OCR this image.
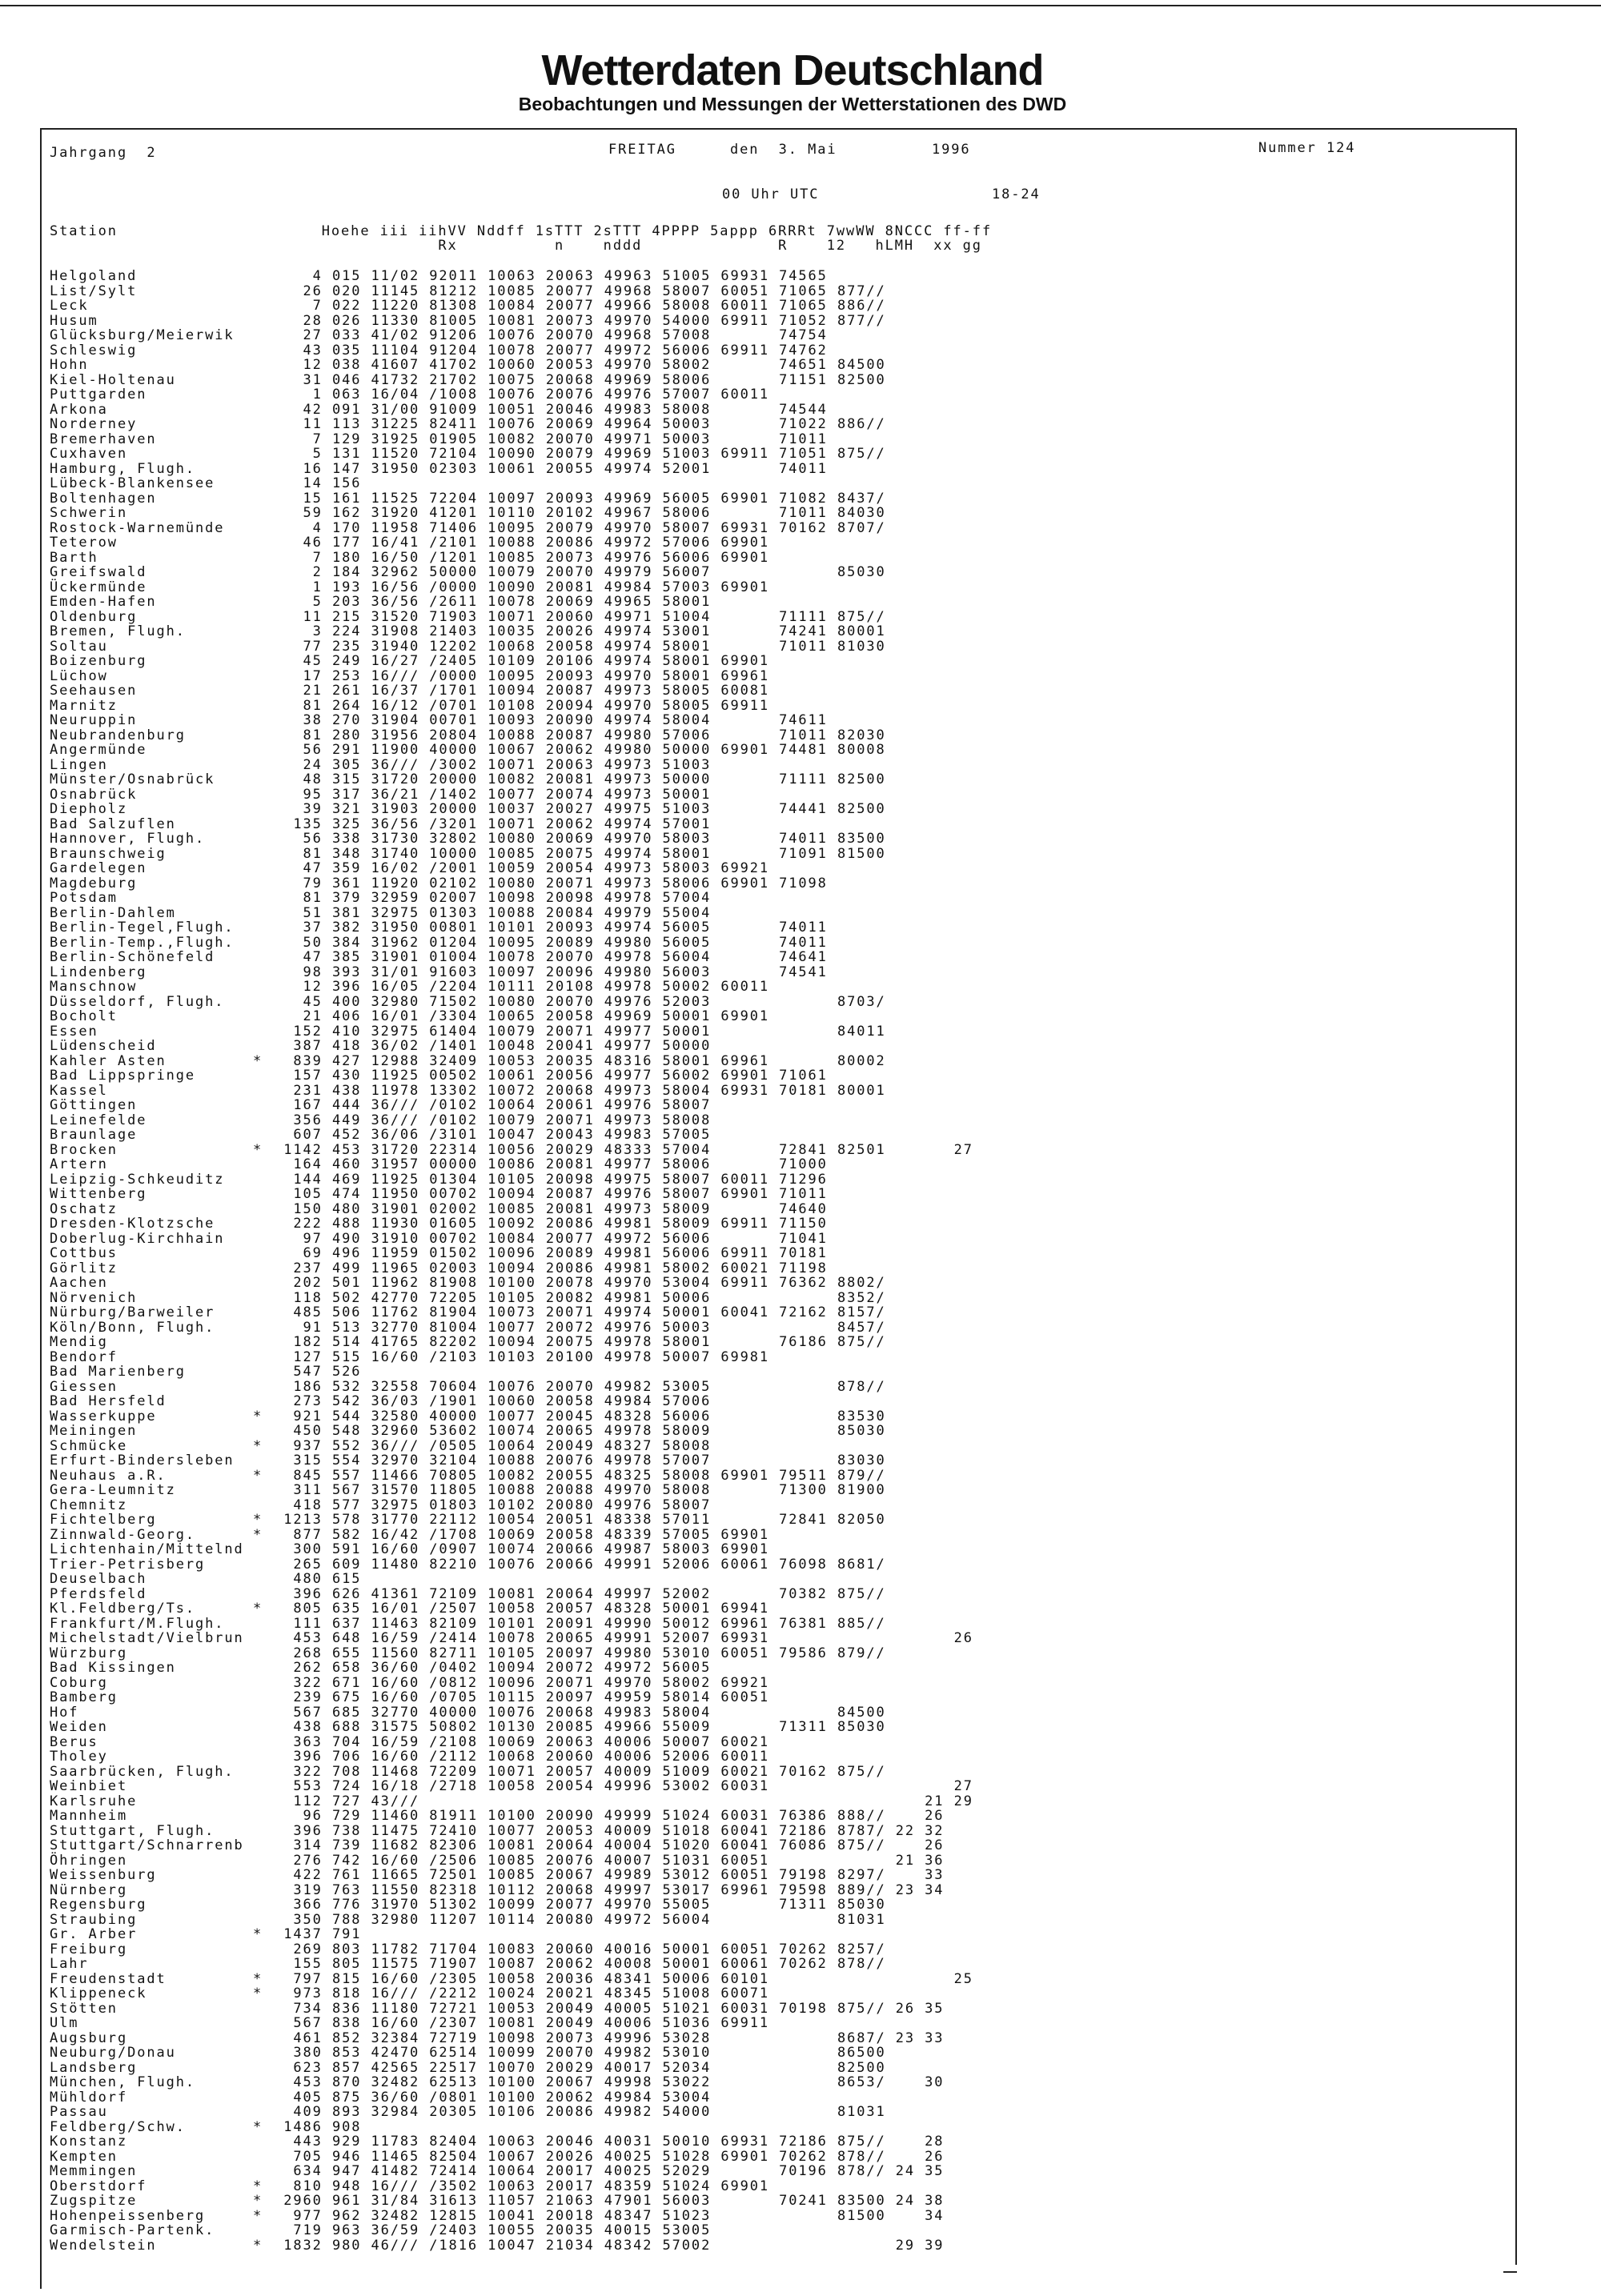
Wetterdaten Deutschland
Beobachtungen und Messungen der Wetterstationen des DWD
Jahrgang  2	FREITAG	den  3. Mai	1996	Nummer 124
00 Uhr UTC	18-24
Station                     Hoehe iii iihVV Nddff 1sTTT 2sTTT 4PPPP 5appp 6RRRt 7wwWW 8NCCC ff-ff
Rx          n    nddd              R    12   hLMH  xx gg
Helgoland	4 015 11/02 92011 10063 20063 49963 51005 69931 74565
List/Sylt	26 020 11145 81212 10085 20077 49968 58007 60051 71065 877//
Leck	7 022 11220 81308 10084 20077 49966 58008 60011 71065 886//
Husum	28 026 11330 81005 10081 20073 49970 54000 69911 71052 877//
Glücksburg/Meierwik 27 033 41/02 91206 10076 20070 49968 57008       74754
Schleswig	43 035 11104 91204 10078 20077 49972 56006 69911 74762
Hohn	12 038 41607 41702 10060 20053 49970 58002       74651 84500
Kiel-Holtenau	31 046 41732 21702 10075 20068 49969 58006       71151 82500
Puttgarden	1 063 16/04 /1008 10076 20076 49976 57007 60011
Arkona	42 091 31/00 91009 10051 20046 49983 58008       74544
Norderney	11 113 31225 82411 10076 20069 49964 50003       71022 886//
Bremerhaven	7 129 31925 01905 10082 20070 49971 50003       71011
Cuxhaven	5 131 11520 72104 10090 20079 49969 51003 69911 71051 875//
Hamburg, Flugh.	16 147 31950 02303 10061 20055 49974 52001       74011
Lübeck-Blankensee	14 156
Boltenhagen	15 161 11525 72204 10097 20093 49969 56005 69901 71082 8437/
Schwerin	59 162 31920 41201 10110 20102 49967 58006       71011 84030
Rostock-Warnemünde	4 170 11958 71406 10095 20079 49970 58007 69931 70162 8707/
Teterow	46 177 16/41 /2101 10088 20086 49972 57006 69901
Barth	7 180 16/50 /1201 10085 20073 49976 56006 69901
Greifswald	2 184 32962 50000 10079 20070 49979 56007             85030
Ückermünde	1 193 16/56 /0000 10090 20081 49984 57003 69901
Emden-Hafen	5 203 36/56 /2611 10078 20069 49965 58001
Oldenburg	11 215 31520 71903 10071 20060 49971 51004       71111 875//
Bremen, Flugh.	3 224 31908 21403 10035 20026 49974 53001       74241 80001
Soltau	77 235 31940 12202 10068 20058 49974 58001       71011 81030
Boizenburg	45 249 16/27 /2405 10109 20106 49974 58001 69901
Lüchow	17 253 16/// /0000 10095 20093 49970 58001 69961
Seehausen	21 261 16/37 /1701 10094 20087 49973 58005 60081
Marnitz	81 264 16/12 /0701 10108 20094 49970 58005 69911
Neuruppin	38 270 31904 00701 10093 20090 49974 58004       74611
Neubrandenburg	81 280 31956 20804 10088 20087 49980 57006       71011 82030
Angermünde	56 291 11900 40000 10067 20062 49980 50000 69901 74481 80008
Lingen	24 305 36/// /3002 10071 20063 49973 51003
Münster/Osnabrück	48 315 31720 20000 10082 20081 49973 50000       71111 82500
Osnabrück	95 317 36/21 /1402 10077 20074 49973 50001
Diepholz	39 321 31903 20000 10037 20027 49975 51003       74441 82500
Bad Salzuflen	135 325 36/56 /3201 10071 20062 49974 57001
Hannover, Flugh.	56 338 31730 32802 10080 20069 49970 58003       74011 83500
Braunschweig	81 348 31740 10000 10085 20075 49974 58001       71091 81500
Gardelegen	47 359 16/02 /2001 10059 20054 49973 58003 69921
Magdeburg	79 361 11920 02102 10080 20071 49973 58006 69901 71098
Potsdam	81 379 32959 02007 10098 20098 49978 57004
Berlin-Dahlem	51 381 32975 01303 10088 20084 49979 55004
Berlin-Tegel,Flugh. 37 382 31950 00801 10101 20093 49974 56005       74011
Berlin-Temp.,Flugh. 50 384 31962 01204 10095 20089 49980 56005       74011
Berlin-Schönefeld	47 385 31901 01004 10078 20070 49978 56004       74641
Lindenberg	98 393 31/01 91603 10097 20096 49980 56003       74541
Manschnow	12 396 16/05 /2204 10111 20108 49978 50002 60011
Düsseldorf, Flugh.	45 400 32980 71502 10080 20070 49976 52003             8703/
Bocholt	21 406 16/01 /3304 10065 20058 49969 50001 69901
Essen	152 410 32975 61404 10079 20071 49977 50001             84011
Lüdenscheid	387 418 36/02 /1401 10048 20041 49977 50000
Kahler Asten	* 839 427 12988 32409 10053 20035 48316 58001 69961       80002
Bad Lippspringe	157 430 11925 00502 10061 20056 49977 56002 69901 71061
Kassel	231 438 11978 13302 10072 20068 49973 58004 69931 70181 80001
Göttingen	167 444 36/// /0102 10064 20061 49976 58007
Leinefelde	356 449 36/// /0102 10079 20071 49973 58008
Braunlage	607 452 36/06 /3101 10047 20043 49983 57005
Brocken	* 1142 453 31720 22314 10056 20029 48333 57004       72841 82501       27
Artern	164 460 31957 00000 10086 20081 49977 58006       71000
Leipzig-Schkeuditz	144 469 11925 01304 10105 20098 49975 58007 60011 71296
Wittenberg	105 474 11950 00702 10094 20087 49976 58007 69901 71011
Oschatz	150 480 31901 02002 10085 20081 49973 58009       74640
Dresden-Klotzsche	222 488 11930 01605 10092 20086 49981 58009 69911 71150
Doberlug-Kirchhain	97 490 31910 00702 10084 20077 49972 56006       71041
Cottbus	69 496 11959 01502 10096 20089 49981 56006 69911 70181
Görlitz	237 499 11965 02003 10094 20086 49981 58002 60021 71198
Aachen	202 501 11962 81908 10100 20078 49970 53004 69911 76362 8802/
Nörvenich	118 502 42770 72205 10105 20082 49981 50006             8352/
Nürburg/Barweiler	485 506 11762 81904 10073 20071 49974 50001 60041 72162 8157/
Köln/Bonn, Flugh.	91 513 32770 81004 10077 20072 49976 50003             8457/
Mendig	182 514 41765 82202 10094 20075 49978 58001       76186 875//
Bendorf	127 515 16/60 /2103 10103 20100 49978 50007 69981
Bad Marienberg	547 526
Giessen	186 532 32558 70604 10076 20070 49982 53005             878//
Bad Hersfeld	273 542 36/03 /1901 10060 20058 49984 57006
Wasserkuppe	* 921 544 32580 40000 10077 20045 48328 56006             83530
Meiningen	450 548 32960 53602 10074 20065 49978 58009             85030
Schmücke	* 937 552 36/// /0505 10064 20049 48327 58008
Erfurt-Bindersleben 315 554 32970 32104 10088 20076 49978 57007             83030
Neuhaus a.R.	* 845 557 11466 70805 10082 20055 48325 58008 69901 79511 879//
Gera-Leumnitz	311 567 31570 11805 10088 20088 49970 58008       71300 81900
Chemnitz	418 577 32975 01803 10102 20080 49976 58007
Fichtelberg	* 1213 578 31770 22112 10054 20051 48338 57011       72841 82050
Zinnwald-Georg.	* 877 582 16/42 /1708 10069 20058 48339 57005 69901
Lichtenhain/Mittelnd 300 591 16/60 /0907 10074 20066 49987 58003 69901
Trier-Petrisberg	265 609 11480 82210 10076 20066 49991 52006 60061 76098 8681/
Deuselbach	480 615
Pferdsfeld	396 626 41361 72109 10081 20064 49997 52002       70382 875//
Kl.Feldberg/Ts.	* 805 635 16/01 /2507 10058 20057 48328 50001 69941
Frankfurt/M.Flugh.	111 637 11463 82109 10101 20091 49990 50012 69961 76381 885//
Michelstadt/Vielbrun 453 648 16/59 /2414 10078 20065 49991 52007 69931                   26
Würzburg	268 655 11560 82711 10105 20097 49980 53010 60051 79586 879//
Bad Kissingen	262 658 36/60 /0402 10094 20072 49972 56005
Coburg	322 671 16/60 /0812 10096 20071 49970 58002 69921
Bamberg	239 675 16/60 /0705 10115 20097 49959 58014 60051
Hof	567 685 32770 40000 10076 20068 49983 58004             84500
Weiden	438 688 31575 50802 10130 20085 49966 55009       71311 85030
Berus	363 704 16/59 /2108 10069 20063 40006 50007 60021
Tholey	396 706 16/60 /2112 10068 20060 40006 52006 60011
Saarbrücken, Flugh. 322 708 11468 72209 10071 20057 40009 51009 60021 70162 875//
Weinbiet	553 724 16/18 /2718 10058 20054 49996 53002 60031                   27
Karlsruhe	112 727 43///                                                    21 29
Mannheim	96 729 11460 81911 10100 20090 49999 51024 60031 76386 888//    26
Stuttgart, Flugh.	396 738 11475 72410 10077 20053 40009 51018 60041 72186 8787/ 22 32
Stuttgart/Schnarrenb 314 739 11682 82306 10081 20064 40004 51020 60041 76086 875//    26
Öhringen	276 742 16/60 /2506 10085 20076 40007 51031 60051             21 36
Weissenburg	422 761 11665 72501 10085 20067 49989 53012 60051 79198 8297/    33
Nürnberg	319 763 11550 82318 10112 20068 49997 53017 69961 79598 889// 23 34
Regensburg	366 776 31970 51302 10099 20077 49970 55005       71311 85030
Straubing	350 788 32980 11207 10114 20080 49972 56004             81031
Gr. Arber	* 1437 791
Freiburg	269 803 11782 71704 10083 20060 40016 50001 60051 70262 8257/
Lahr	155 805 11575 71907 10087 20062 40008 50001 60061 70262 878//
Freudenstadt	* 797 815 16/60 /2305 10058 20036 48341 50006 60101                   25
Klippeneck	* 973 818 16/// /2212 10024 20021 48345 51008 60071
Stötten	734 836 11180 72721 10053 20049 40005 51021 60031 70198 875// 26 35
Ulm	567 838 16/60 /2307 10081 20049 40006 51036 69911
Augsburg	461 852 32384 72719 10098 20073 49996 53028             8687/ 23 33
Neuburg/Donau	380 853 42470 62514 10099 20070 49982 53010             86500
Landsberg	623 857 42565 22517 10070 20029 40017 52034             82500
München, Flugh.	453 870 32482 62513 10100 20067 49998 53022             8653/    30
Mühldorf	405 875 36/60 /0801 10100 20062 49984 53004
Passau	409 893 32984 20305 10106 20086 49982 54000             81031
Feldberg/Schw.	* 1486 908
Konstanz	443 929 11783 82404 10063 20046 40031 50010 69931 72186 875//    28
Kempten	705 946 11465 82504 10067 20026 40025 51028 69901 70262 878//    26
Memmingen	634 947 41482 72414 10064 20017 40025 52029       70196 878// 24 35
Oberstdorf	* 810 948 16/// /3502 10063 20017 48359 51024 69901
Zugspitze	* 2960 961 31/84 31613 11057 21063 47901 56003       70241 83500 24 38
Hohenpeissenberg	* 977 962 32482 12815 10041 20018 48347 51023             81500    34
Garmisch-Partenk.	719 963 36/59 /2403 10055 20035 40015 53005
Wendelstein	* 1832 980 46/// /1816 10047 21034 48342 57002                   29 39
